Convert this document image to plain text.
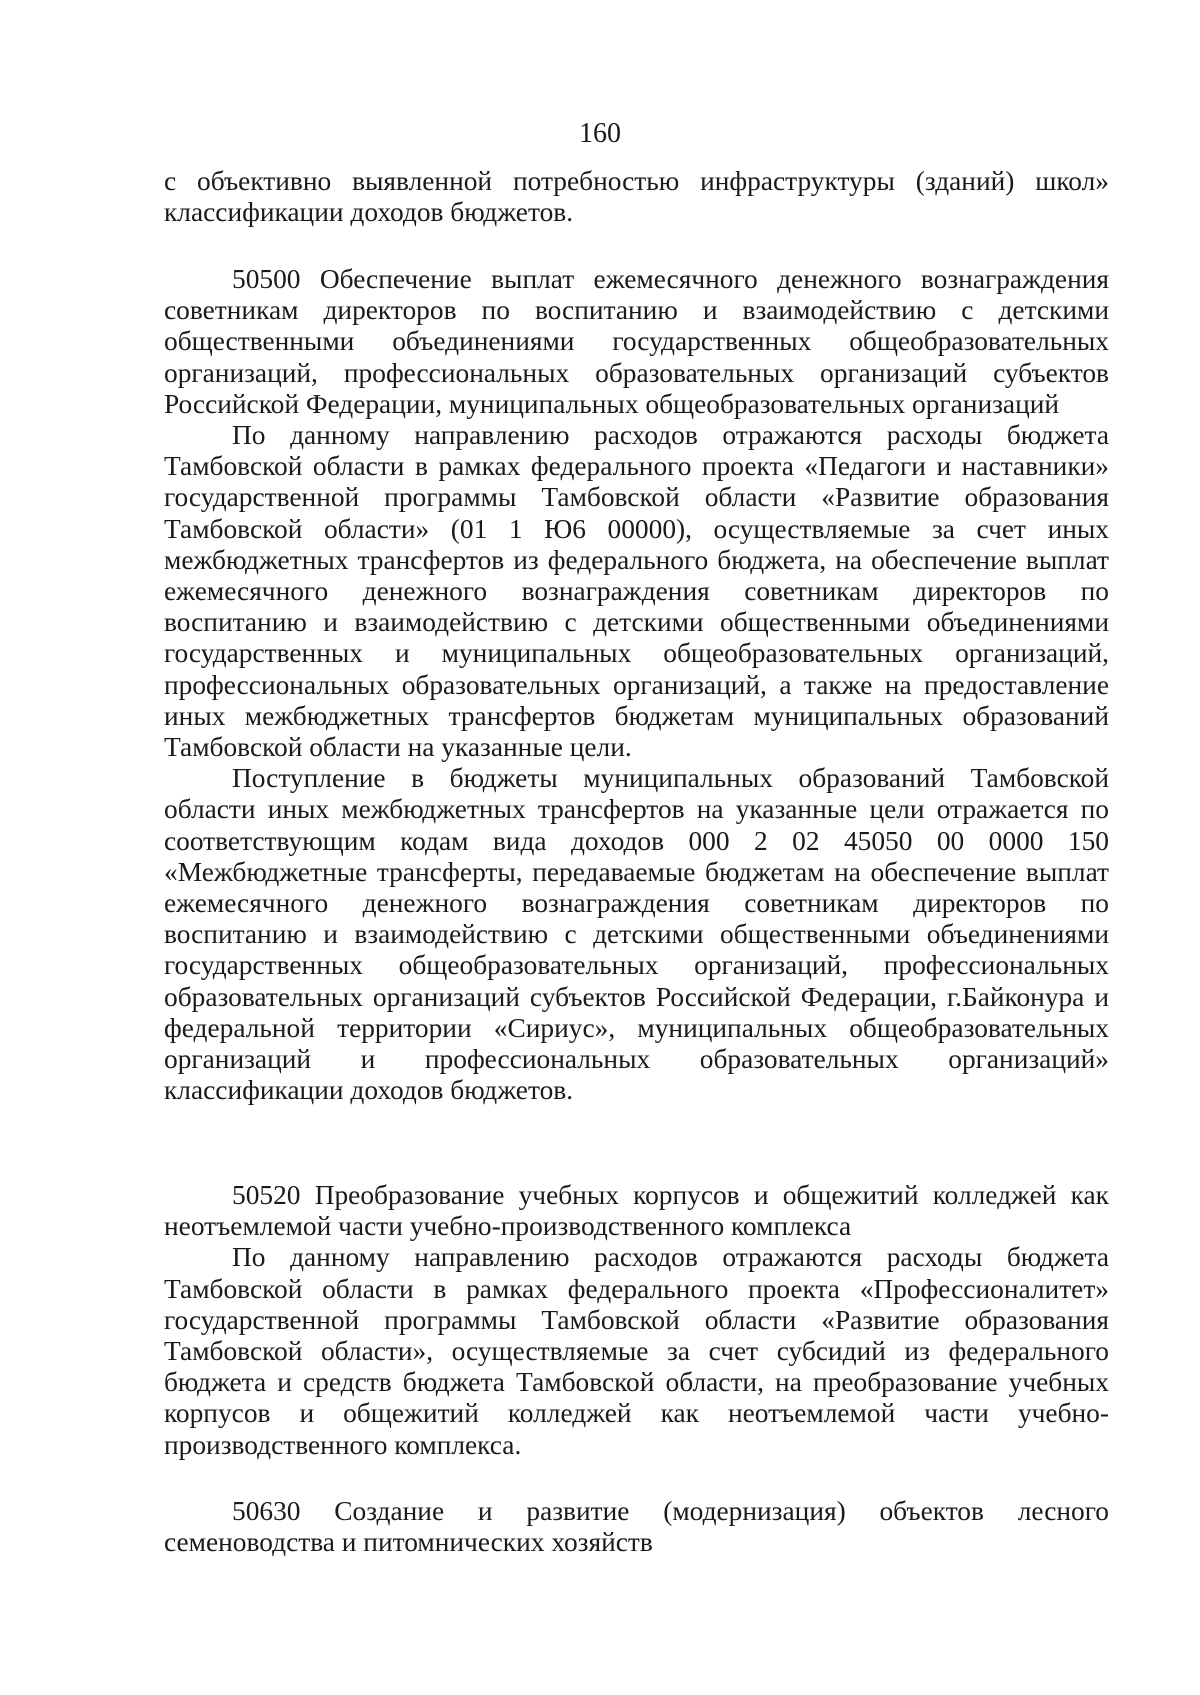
160

с объективно выявленной потребностью инфраструктуры (зданий) школ» классификации доходов бюджетов.

50500 Обеспечение выплат ежемесячного денежного вознаграждения советникам директоров по воспитанию и взаимодействию с детскими общественными объединениями государственных общеобразовательных организаций, профессиональных образовательных организаций субъектов Российской Федерации, муниципальных общеобразовательных организаций

По данному направлению расходов отражаются расходы бюджета Тамбовской области в рамках федерального проекта «Педагоги и наставники» государственной программы Тамбовской области «Развитие образования Тамбовской области» (01 1 Ю6 00000), осуществляемые за счет иных межбюджетных трансфертов из федерального бюджета, на обеспечение выплат ежемесячного денежного вознаграждения советникам директоров по воспитанию и взаимодействию с детскими общественными объединениями государственных и муниципальных общеобразовательных организаций, профессиональных образовательных организаций, а также на предоставление иных межбюджетных трансфертов бюджетам муниципальных образований Тамбовской области на указанные цели.

Поступление в бюджеты муниципальных образований Тамбовской области иных межбюджетных трансфертов на указанные цели отражается по соответствующим кодам вида доходов 000 2 02 45050 00 0000 150 «Межбюджетные трансферты, передаваемые бюджетам на обеспечение выплат ежемесячного денежного вознаграждения советникам директоров по воспитанию и взаимодействию с детскими общественными объединениями государственных общеобразовательных организаций, профессиональных образовательных организаций субъектов Российской Федерации, г.Байконура и федеральной территории «Сириус», муниципальных общеобразовательных организаций и профессиональных образовательных организаций» классификации доходов бюджетов.

50520 Преобразование учебных корпусов и общежитий колледжей как неотъемлемой части учебно-производственного комплекса

По данному направлению расходов отражаются расходы бюджета Тамбовской области в рамках федерального проекта «Профессионалитет» государственной программы Тамбовской области «Развитие образования Тамбовской области», осуществляемые за счет субсидий из федерального бюджета и средств бюджета Тамбовской области, на преобразование учебных корпусов и общежитий колледжей как неотъемлемой части учебно-производственного комплекса.

50630 Создание и развитие (модернизация) объектов лесного семеноводства и питомнических хозяйств
